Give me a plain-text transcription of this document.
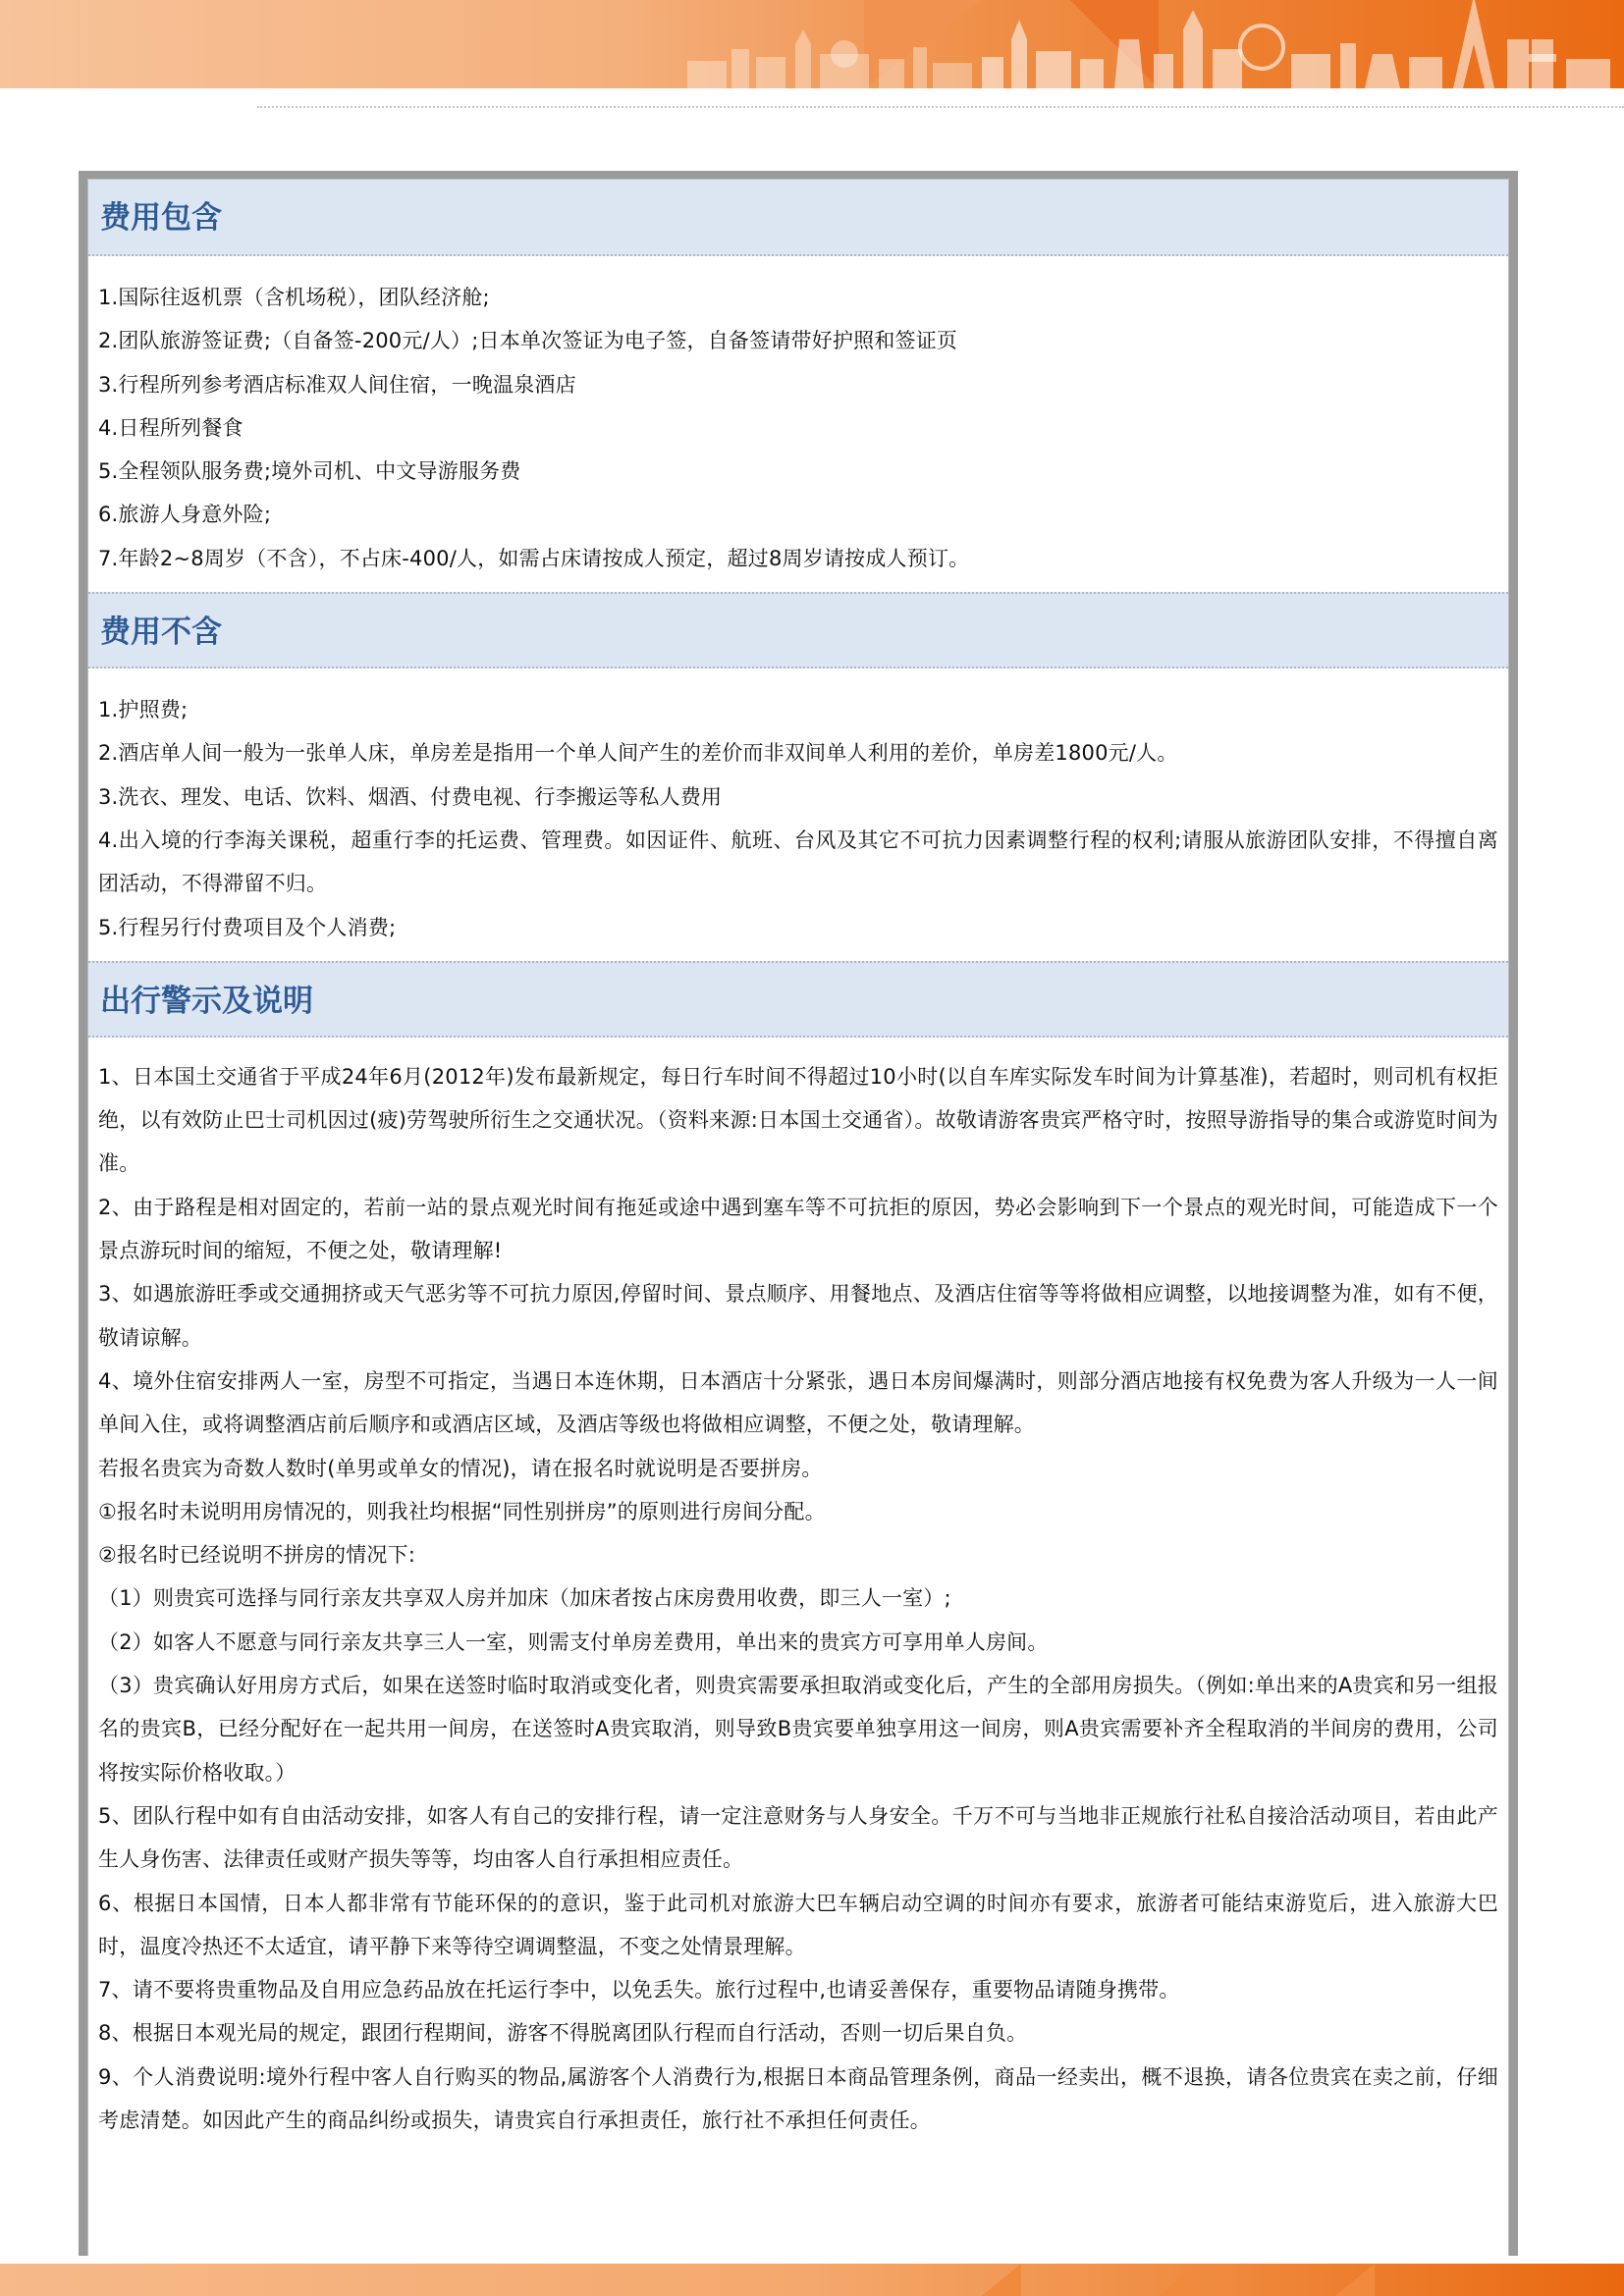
费用包含
1.国际往返机票（含机场税），团队经济舱;
2.团队旅游签证费;（自备签-200元/人）;日本单次签证为电子签，自备签请带好护照和签证页
3.行程所列参考酒店标准双人间住宿，一晚温泉酒店
4.日程所列餐食
5.全程领队服务费;境外司机、中文导游服务费
6.旅游人身意外险;
7.年龄2~8周岁（不含），不占床-400/人，如需占床请按成人预定，超过8周岁请按成人预订。
费用不含
1.护照费;
2.酒店单人间一般为一张单人床，单房差是指用一个单人间产生的差价而非双间单人利用的差价，单房差1800元/人。
3.洗衣、理发、电话、饮料、烟酒、付费电视、行李搬运等私人费用
4.出入境的行李海关课税，超重行李的托运费、管理费。如因证件、航班、台风及其它不可抗力因素调整行程的权利;请服从旅游团队安排，不得擅自离团活动，不得滞留不归。
5.行程另行付费项目及个人消费;
出行警示及说明
1、日本国土交通省于平成24年6月(2012年)发布最新规定，每日行车时间不得超过10小时(以自车库实际发车时间为计算基准)，若超时，则司机有权拒绝，以有效防止巴士司机因过(疲)劳驾驶所衍生之交通状况。（资料来源:日本国土交通省）。故敬请游客贵宾严格守时，按照导游指导的集合或游览时间为准。
2、由于路程是相对固定的，若前一站的景点观光时间有拖延或途中遇到塞车等不可抗拒的原因，势必会影响到下一个景点的观光时间，可能造成下一个景点游玩时间的缩短，不便之处，敬请理解!
3、如遇旅游旺季或交通拥挤或天气恶劣等不可抗力原因,停留时间、景点顺序、用餐地点、及酒店住宿等等将做相应调整，以地接调整为准，如有不便，敬请谅解。
4、境外住宿安排两人一室，房型不可指定，当遇日本连休期，日本酒店十分紧张，遇日本房间爆满时，则部分酒店地接有权免费为客人升级为一人一间单间入住，或将调整酒店前后顺序和或酒店区域，及酒店等级也将做相应调整，不便之处，敬请理解。
若报名贵宾为奇数人数时(单男或单女的情况)，请在报名时就说明是否要拼房。
①报名时未说明用房情况的，则我社均根据“同性别拼房”的原则进行房间分配。
②报名时已经说明不拼房的情况下:
（1）则贵宾可选择与同行亲友共享双人房并加床（加床者按占床房费用收费，即三人一室）;
（2）如客人不愿意与同行亲友共享三人一室，则需支付单房差费用，单出来的贵宾方可享用单人房间。
（3）贵宾确认好用房方式后，如果在送签时临时取消或变化者，则贵宾需要承担取消或变化后，产生的全部用房损失。（例如:单出来的A贵宾和另一组报名的贵宾B，已经分配好在一起共用一间房，在送签时A贵宾取消，则导致B贵宾要单独享用这一间房，则A贵宾需要补齐全程取消的半间房的费用，公司将按实际价格收取。）
5、团队行程中如有自由活动安排，如客人有自己的安排行程，请一定注意财务与人身安全。千万不可与当地非正规旅行社私自接洽活动项目，若由此产生人身伤害、法律责任或财产损失等等，均由客人自行承担相应责任。
6、根据日本国情，日本人都非常有节能环保的的意识，鉴于此司机对旅游大巴车辆启动空调的时间亦有要求，旅游者可能结束游览后，进入旅游大巴时，温度冷热还不太适宜，请平静下来等待空调调整温，不变之处情景理解。
7、请不要将贵重物品及自用应急药品放在托运行李中，以免丢失。旅行过程中,也请妥善保存，重要物品请随身携带。
8、根据日本观光局的规定，跟团行程期间，游客不得脱离团队行程而自行活动，否则一切后果自负。
9、个人消费说明:境外行程中客人自行购买的物品,属游客个人消费行为,根据日本商品管理条例，商品一经卖出，概不退换，请各位贵宾在卖之前，仔细考虑清楚。如因此产生的商品纠纷或损失，请贵宾自行承担责任，旅行社不承担任何责任。
